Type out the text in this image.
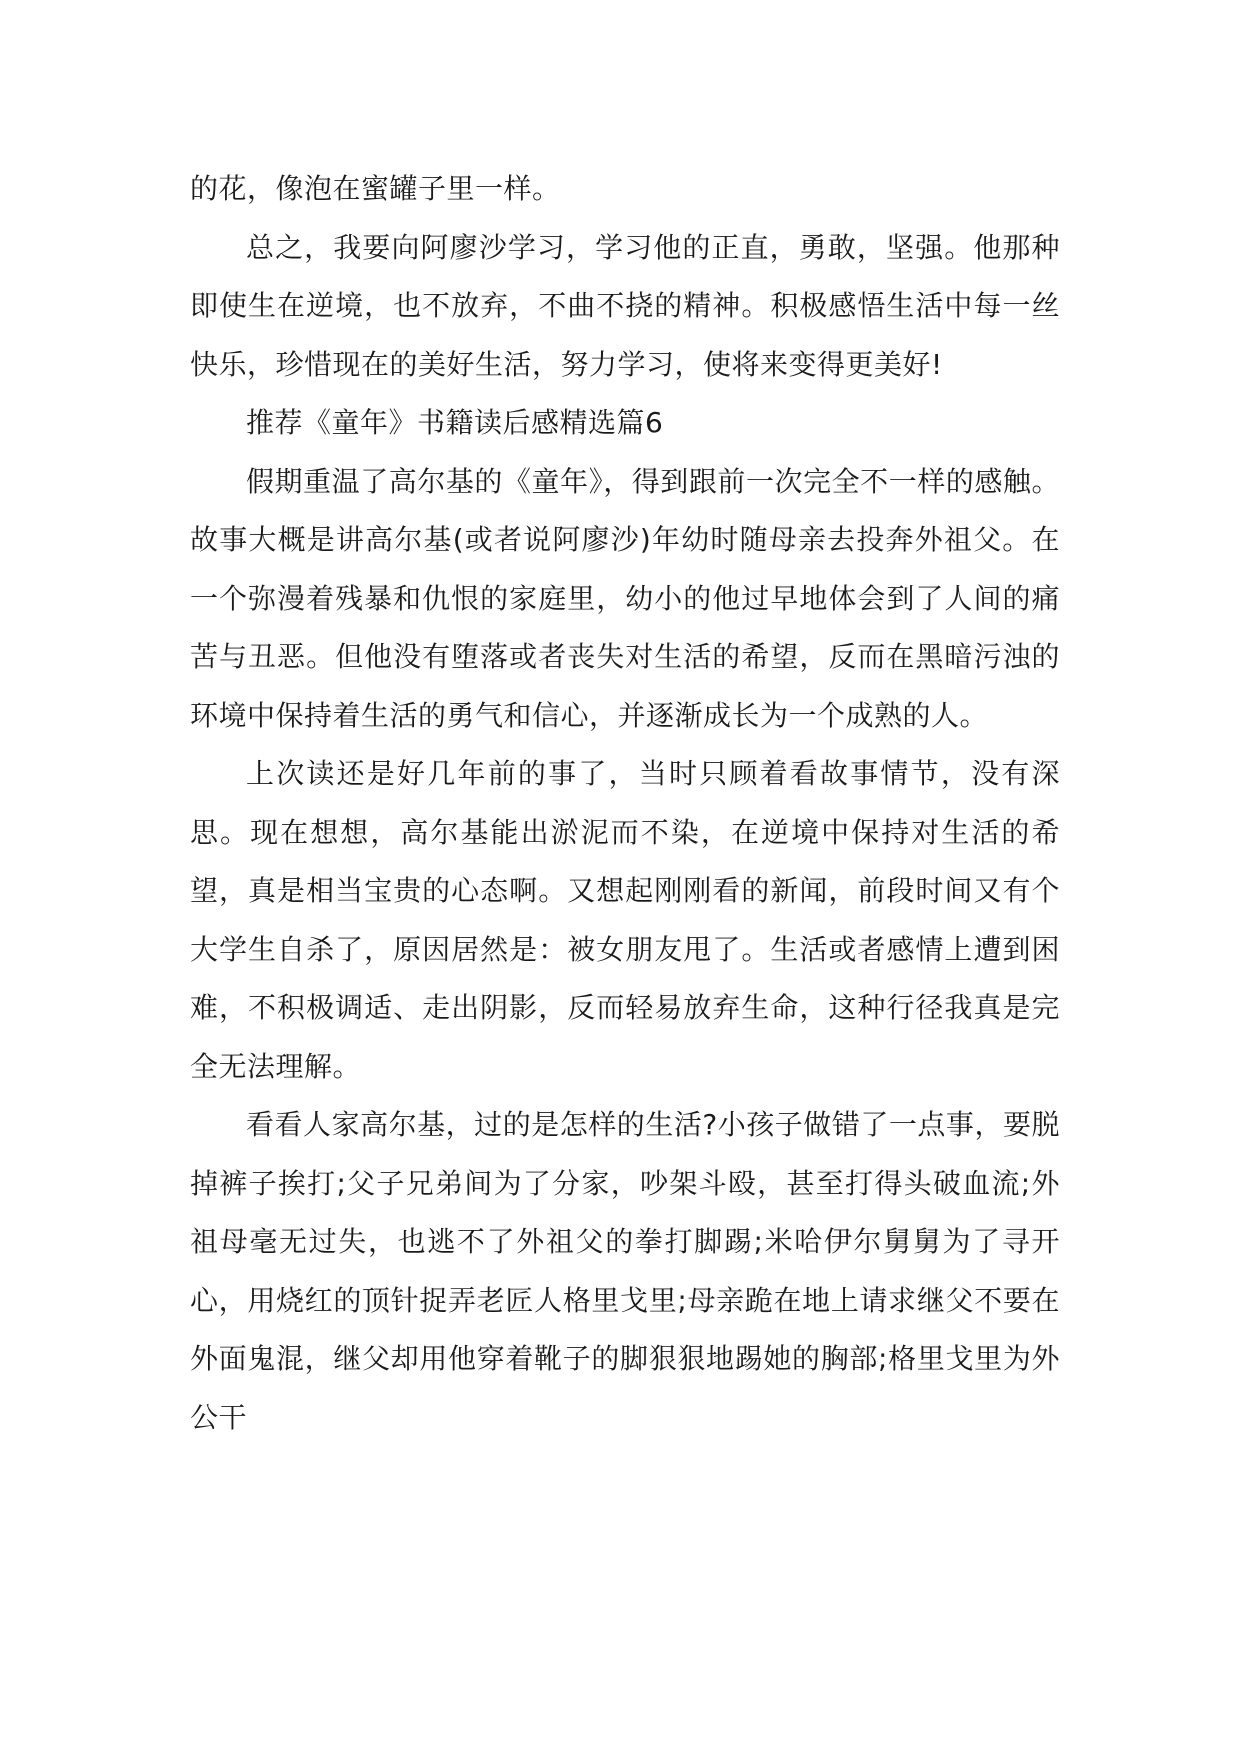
的花，像泡在蜜罐子里一样。

总之，我要向阿廖沙学习，学习他的正直，勇敢，坚强。他那种即使生在逆境，也不放弃，不曲不挠的精神。积极感悟生活中每一丝快乐，珍惜现在的美好生活，努力学习，使将来变得更美好!

推荐《童年》书籍读后感精选篇6

假期重温了高尔基的《童年》，得到跟前一次完全不一样的感触。故事大概是讲高尔基(或者说阿廖沙)年幼时随母亲去投奔外祖父。在一个弥漫着残暴和仇恨的家庭里，幼小的他过早地体会到了人间的痛苦与丑恶。但他没有堕落或者丧失对生活的希望，反而在黑暗污浊的环境中保持着生活的勇气和信心，并逐渐成长为一个成熟的人。

上次读还是好几年前的事了，当时只顾着看故事情节，没有深思。现在想想，高尔基能出淤泥而不染，在逆境中保持对生活的希望，真是相当宝贵的心态啊。又想起刚刚看的新闻，前段时间又有个大学生自杀了，原因居然是：被女朋友甩了。生活或者感情上遭到困难，不积极调适、走出阴影，反而轻易放弃生命，这种行径我真是完全无法理解。

看看人家高尔基，过的是怎样的生活?小孩子做错了一点事，要脱掉裤子挨打;父子兄弟间为了分家，吵架斗殴，甚至打得头破血流;外祖母毫无过失，也逃不了外祖父的拳打脚踢;米哈伊尔舅舅为了寻开心，用烧红的顶针捉弄老匠人格里戈里;母亲跪在地上请求继父不要在外面鬼混，继父却用他穿着靴子的脚狠狠地踢她的胸部;格里戈里为外公干
